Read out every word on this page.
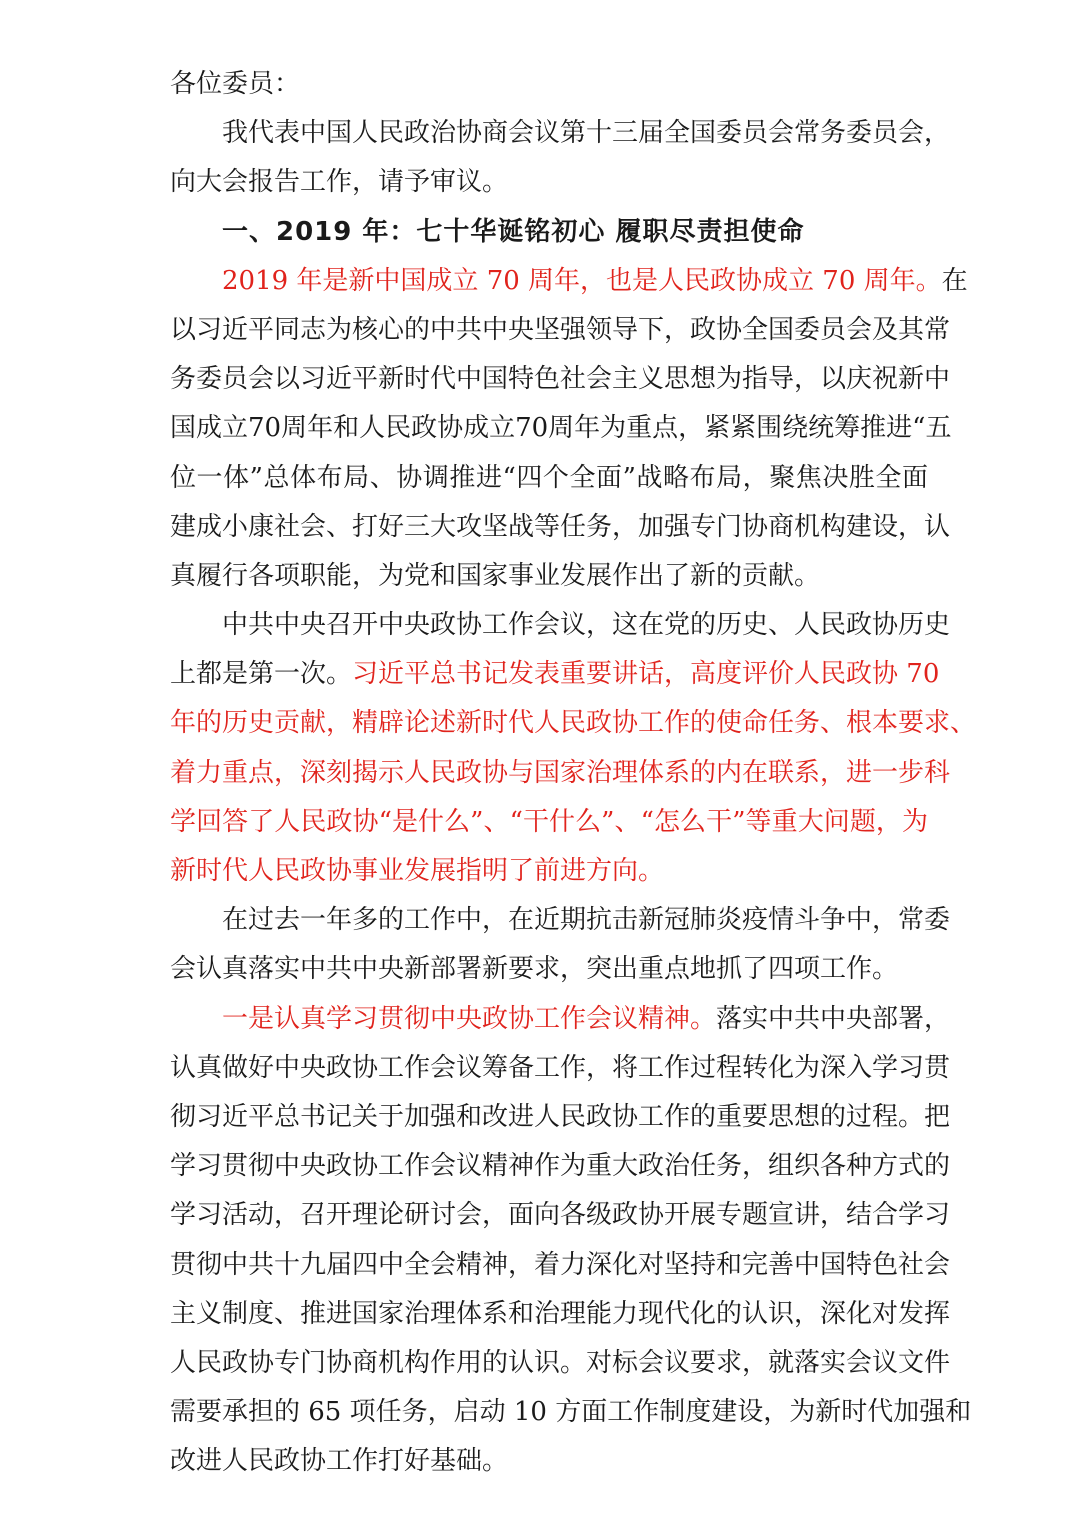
各位委员：
我代表中国人民政治协商会议第十三届全国委员会常务委员会，
向大会报告工作，请予审议。
一、2019 年：七十华诞铭初心 履职尽责担使命
2019 年是新中国成立 70 周年，也是人民政协成立 70 周年。在
以习近平同志为核心的中共中央坚强领导下，政协全国委员会及其常
务委员会以习近平新时代中国特色社会主义思想为指导，以庆祝新中
国成立70周年和人民政协成立70周年为重点，紧紧围绕统筹推进“五
位一体”总体布局、协调推进“四个全面”战略布局，聚焦决胜全面
建成小康社会、打好三大攻坚战等任务，加强专门协商机构建设，认
真履行各项职能，为党和国家事业发展作出了新的贡献。
中共中央召开中央政协工作会议，这在党的历史、人民政协历史
上都是第一次。习近平总书记发表重要讲话，高度评价人民政协 70
年的历史贡献，精辟论述新时代人民政协工作的使命任务、根本要求、
着力重点，深刻揭示人民政协与国家治理体系的内在联系，进一步科
学回答了人民政协“是什么”、“干什么”、“怎么干”等重大问题，为
新时代人民政协事业发展指明了前进方向。
在过去一年多的工作中，在近期抗击新冠肺炎疫情斗争中，常委
会认真落实中共中央新部署新要求，突出重点地抓了四项工作。
一是认真学习贯彻中央政协工作会议精神。落实中共中央部署，
认真做好中央政协工作会议筹备工作，将工作过程转化为深入学习贯
彻习近平总书记关于加强和改进人民政协工作的重要思想的过程。把
学习贯彻中央政协工作会议精神作为重大政治任务，组织各种方式的
学习活动，召开理论研讨会，面向各级政协开展专题宣讲，结合学习
贯彻中共十九届四中全会精神，着力深化对坚持和完善中国特色社会
主义制度、推进国家治理体系和治理能力现代化的认识，深化对发挥
人民政协专门协商机构作用的认识。对标会议要求，就落实会议文件
需要承担的 65 项任务，启动 10 方面工作制度建设，为新时代加强和
改进人民政协工作打好基础。
